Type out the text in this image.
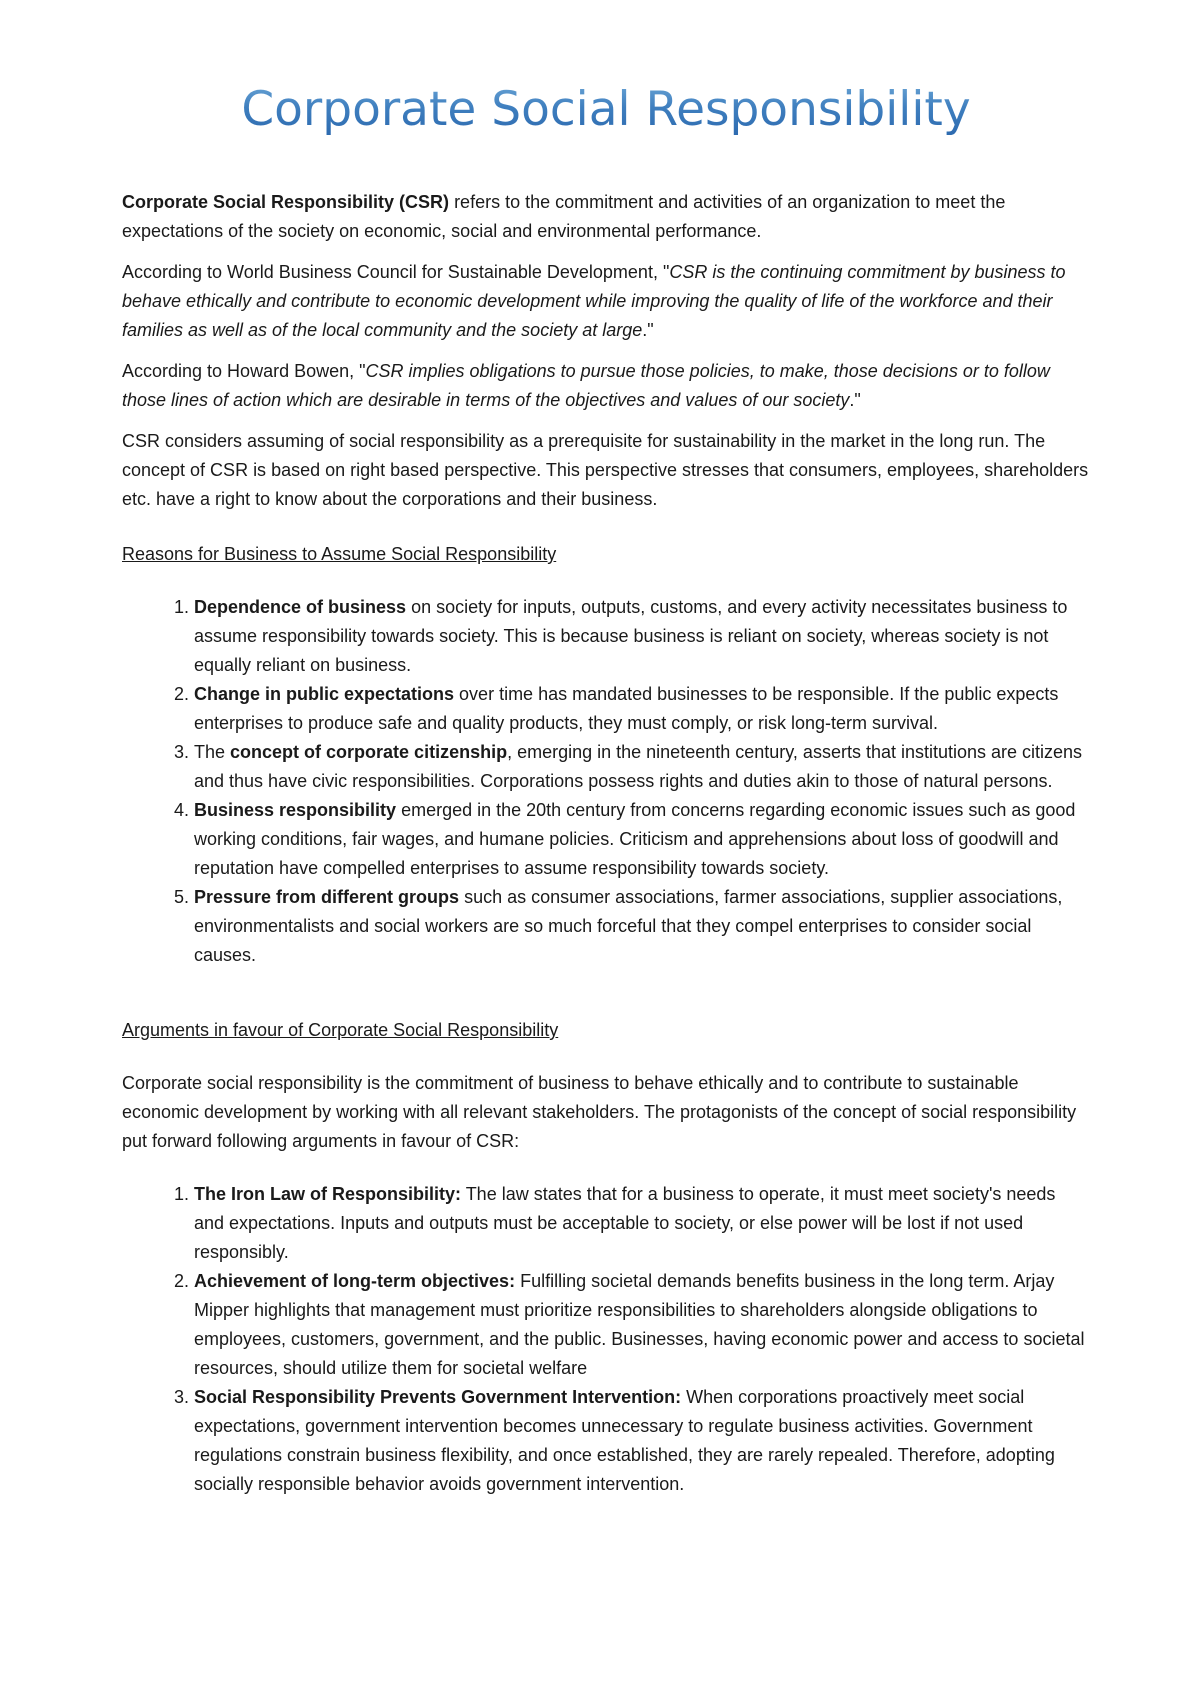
Corporate Social Responsibility

Corporate Social Responsibility (CSR) refers to the commitment and activities of an organization to meet the expectations of the society on economic, social and environmental performance.

According to World Business Council for Sustainable Development, "CSR is the continuing commitment by business to behave ethically and contribute to economic development while improving the quality of life of the workforce and their families as well as of the local community and the society at large."

According to Howard Bowen, "CSR implies obligations to pursue those policies, to make, those decisions or to follow those lines of action which are desirable in terms of the objectives and values of our society."

CSR considers assuming of social responsibility as a prerequisite for sustainability in the market in the long run. The concept of CSR is based on right based perspective. This perspective stresses that consumers, employees, shareholders etc. have a right to know about the corporations and their business.

Reasons for Business to Assume Social Responsibility
1. Dependence of business on society for inputs, outputs, customs, and every activity necessitates business to assume responsibility towards society. This is because business is reliant on society, whereas society is not equally reliant on business.
2. Change in public expectations over time has mandated businesses to be responsible. If the public expects enterprises to produce safe and quality products, they must comply, or risk long-term survival.
3. The concept of corporate citizenship, emerging in the nineteenth century, asserts that institutions are citizens and thus have civic responsibilities. Corporations possess rights and duties akin to those of natural persons.
4. Business responsibility emerged in the 20th century from concerns regarding economic issues such as good working conditions, fair wages, and humane policies. Criticism and apprehensions about loss of goodwill and reputation have compelled enterprises to assume responsibility towards society.
5. Pressure from different groups such as consumer associations, farmer associations, supplier associations, environmentalists and social workers are so much forceful that they compel enterprises to consider social causes.
Arguments in favour of Corporate Social Responsibility

Corporate social responsibility is the commitment of business to behave ethically and to contribute to sustainable economic development by working with all relevant stakeholders. The protagonists of the concept of social responsibility put forward following arguments in favour of CSR:

1. The Iron Law of Responsibility: The law states that for a business to operate, it must meet society's needs and expectations. Inputs and outputs must be acceptable to society, or else power will be lost if not used responsibly.
2. Achievement of long-term objectives: Fulfilling societal demands benefits business in the long term. Arjay Mipper highlights that management must prioritize responsibilities to shareholders alongside obligations to employees, customers, government, and the public. Businesses, having economic power and access to societal resources, should utilize them for societal welfare
3. Social Responsibility Prevents Government Intervention: When corporations proactively meet social expectations, government intervention becomes unnecessary to regulate business activities. Government regulations constrain business flexibility, and once established, they are rarely repealed. Therefore, adopting socially responsible behavior avoids government intervention.
